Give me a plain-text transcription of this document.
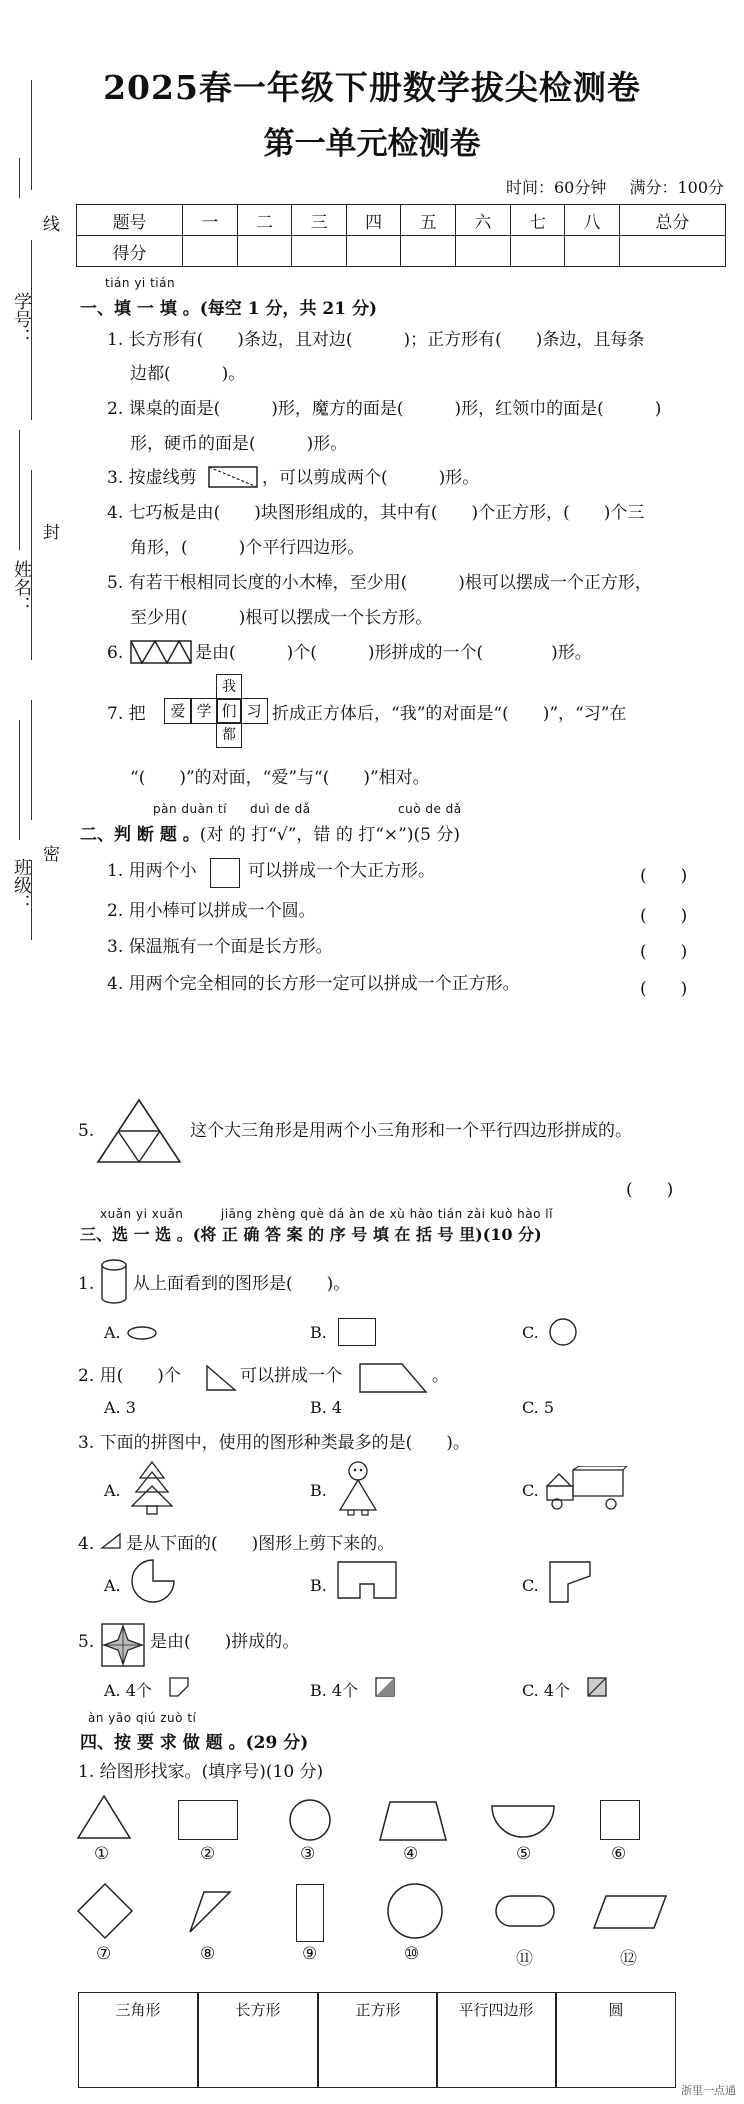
2025春一年级下册数学拔尖检测卷
第一单元检测卷
时间：60分钟 满分：100分
题号	一	二	三	四	五	六	七	八	总分
得分									
学号：
姓名：
班级：
线
封
密
tián yi tián
一、填 一 填 。(每空 1 分，共 21 分)
1. 长方形有(　　)条边，且对边(　　　)；正方形有(　　)条边，且每条
边都(　　　)。
2. 课桌的面是(　　　)形，魔方的面是(　　　)形，红领巾的面是(　　　)
形，硬币的面是(　　　)形。
3. 按虚线剪	，可以剪成两个(　　　)形。
4. 七巧板是由(　　)块图形组成的，其中有(　　)个正方形，(　　)个三
角形，(　　　)个平行四边形。
5. 有若干根相同长度的小木棒，至少用(　　　)根可以摆成一个正方形，
至少用(　　　)根可以摆成一个长方形。
6.	是由(　　　)个(　　　)形拼成的一个(　　　　)形。
7. 把
我
爱 学 们 习
都
折成正方体后，“我”的对面是“(　　)”，“习”在
“(　　)”的对面，“爱”与“(　　)”相对。
pàn duàn tí duì de dǎ	cuò de dǎ
二、判 断 题 。(对 的 打“√”，错 的 打“×”)(5 分)
1. 用两个小	可以拼成一个大正方形。	(　　)
2. 用小棒可以拼成一个圆。	(　　)
3. 保温瓶有一个面是长方形。	(　　)
4. 用两个完全相同的长方形一定可以拼成一个正方形。	(　　)
5.	这个大三角形是用两个小三角形和一个平行四边形拼成的。
(　　)
xuǎn yi xuǎn　　　jiāng zhèng què dá àn de xù hào tián zài kuò hào lǐ
三、选 一 选 。(将 正 确 答 案 的 序 号 填 在 括 号 里)(10 分)
1. 从上面看到的图形是(　　)。
A.	B.	C.
2. 用(　　)个	可以拼成一个	。
A. 3	B. 4	C. 5
3. 下面的拼图中，使用的图形种类最多的是(　　)。
A.	B.	C.
4. 是从下面的(　　)图形上剪下来的。
A.	B.	C.
5.	是由(　　)拼成的。
A. 4个	B. 4个	C. 4个
àn yāo qiú zuò tí
四、按 要 求 做 题 。(29 分)
1. 给图形找家。(填序号)(10 分)
①	②	③	④	⑤	⑥
⑦	⑧	⑨	⑩	⑪	⑫
三角形	长方形	正方形	平行四边形	圆
浙里一点通
